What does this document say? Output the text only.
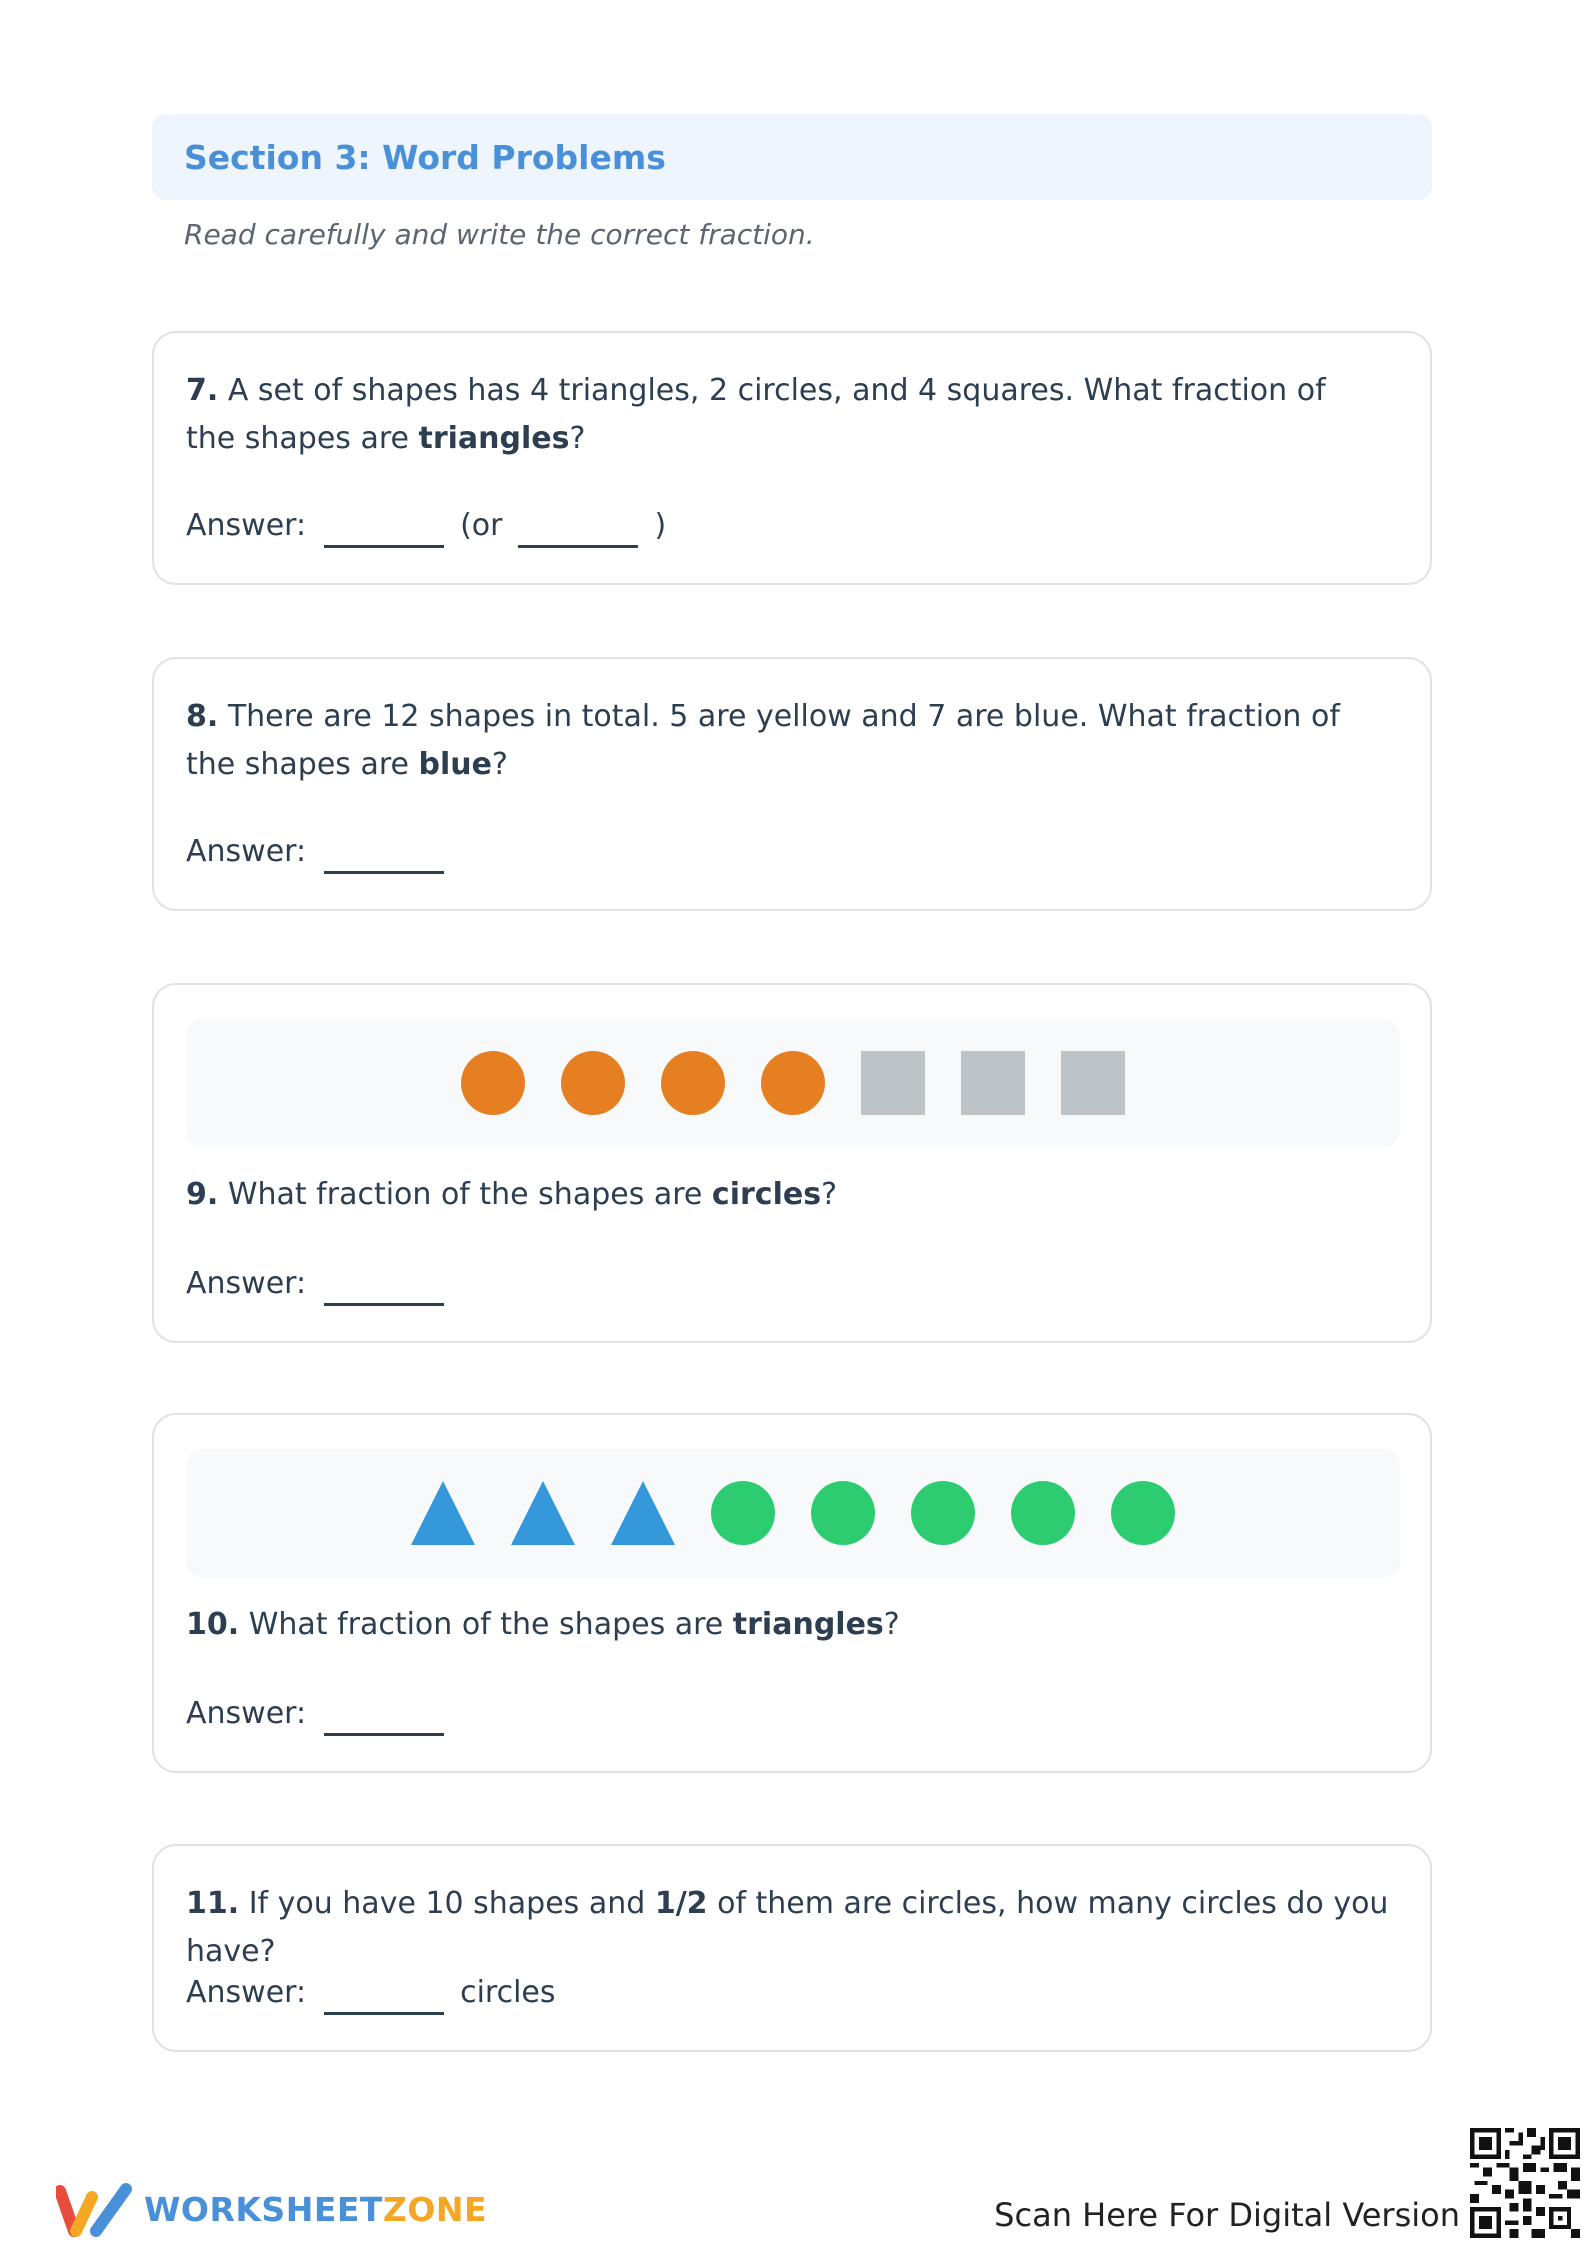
Section 3: Word Problems
Read carefully and write the correct fraction.
7. A set of shapes has 4 triangles, 2 circles, and 4 squares. What fraction of the shapes are triangles?
Answer:	(or	)
8. There are 12 shapes in total. 5 are yellow and 7 are blue. What fraction of the shapes are blue?
Answer:
9. What fraction of the shapes are circles?
Answer:
10. What fraction of the shapes are triangles?
Answer:
11. If you have 10 shapes and 1/2 of them are circles, how many circles do you have?
Answer:	circles
WORKSHEETZONE	Scan Here For Digital Version
